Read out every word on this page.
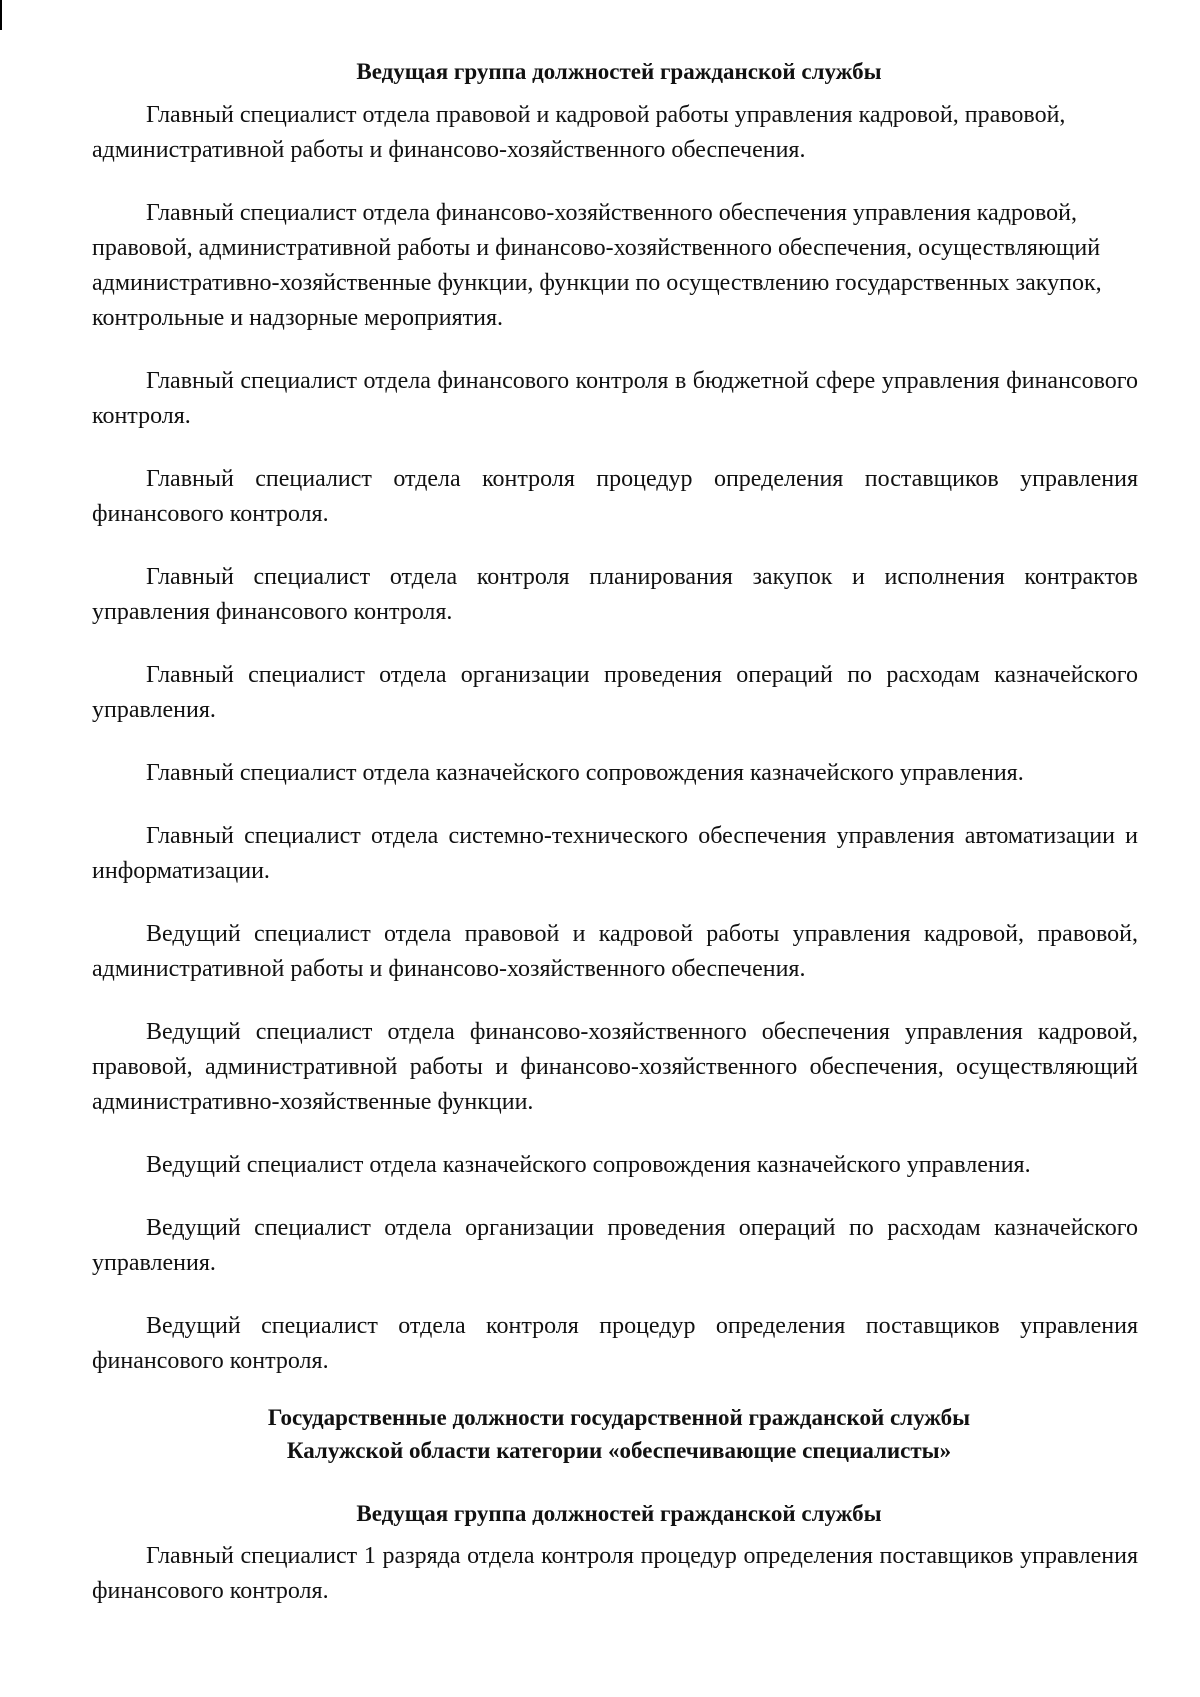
Ведущая группа должностей гражданской службы

Главный специалист отдела правовой и кадровой работы управления кадровой, правовой, административной работы и финансово-хозяйственного обеспечения.

Главный специалист отдела финансово-хозяйственного обеспечения управления кадровой, правовой, административной работы и финансово-хозяйственного обеспечения, осуществляющий административно-хозяйственные функции, функции по осуществлению государственных закупок, контрольные и надзорные мероприятия.

Главный специалист отдела финансового контроля в бюджетной сфере управления финансового контроля.

Главный специалист отдела контроля процедур определения поставщиков управления финансового контроля.

Главный специалист отдела контроля планирования закупок и исполнения контрактов управления финансового контроля.

Главный специалист отдела организации проведения операций по расходам казначейского управления.

Главный специалист отдела казначейского сопровождения казначейского управления.

Главный специалист отдела системно-технического обеспечения управления автоматизации и информатизации.

Ведущий специалист отдела правовой и кадровой работы управления кадровой, правовой, административной работы и финансово-хозяйственного обеспечения.

Ведущий специалист отдела финансово-хозяйственного обеспечения управления кадровой, правовой, административной работы и финансово-хозяйственного обеспечения, осуществляющий административно-хозяйственные функции.

Ведущий специалист отдела казначейского сопровождения казначейского управления.

Ведущий специалист отдела организации проведения операций по расходам казначейского управления.

Ведущий специалист отдела контроля процедур определения поставщиков управления финансового контроля.

Государственные должности государственной гражданской службы
Калужской области категории «обеспечивающие специалисты»
Ведущая группа должностей гражданской службы

Главный специалист 1 разряда отдела контроля процедур определения поставщиков управления финансового контроля.
